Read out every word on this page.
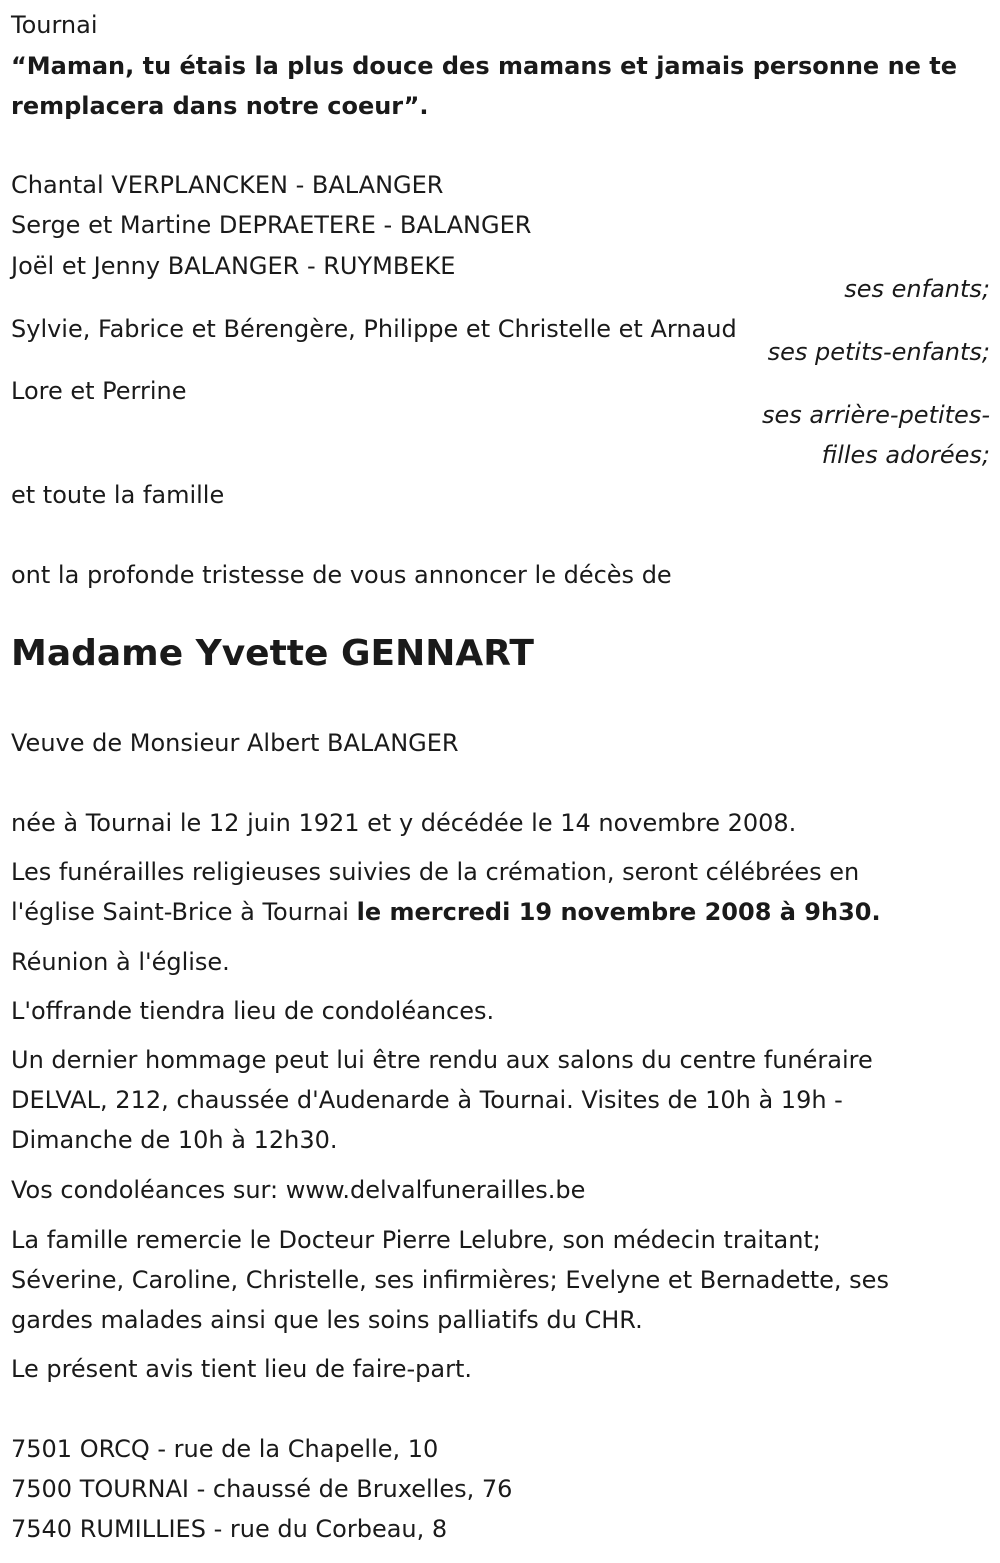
Tournai
“Maman, tu étais la plus douce des mamans et jamais personne ne te
remplacera dans notre coeur”.
Chantal VERPLANCKEN - BALANGER
Serge et Martine DEPRAETERE - BALANGER
Joël et Jenny BALANGER - RUYMBEKE
ses enfants;
Sylvie, Fabrice et Bérengère, Philippe et Christelle et Arnaud
ses petits-enfants;
Lore et Perrine
ses arrière-petites-
filles adorées;
et toute la famille
ont la profonde tristesse de vous annoncer le décès de
Madame Yvette GENNART
Veuve de Monsieur Albert BALANGER
née à Tournai le 12 juin 1921 et y décédée le 14 novembre 2008.
Les funérailles religieuses suivies de la crémation, seront célébrées en
l'église Saint-Brice à Tournai le mercredi 19 novembre 2008 à 9h30.
Réunion à l'église.
L'offrande tiendra lieu de condoléances.
Un dernier hommage peut lui être rendu aux salons du centre funéraire
DELVAL, 212, chaussée d'Audenarde à Tournai. Visites de 10h à 19h -
Dimanche de 10h à 12h30.
Vos condoléances sur: www.delvalfunerailles.be
La famille remercie le Docteur Pierre Lelubre, son médecin traitant;
Séverine, Caroline, Christelle, ses infirmières; Evelyne et Bernadette, ses
gardes malades ainsi que les soins palliatifs du CHR.
Le présent avis tient lieu de faire-part.
7501 ORCQ - rue de la Chapelle, 10
7500 TOURNAI - chaussé de Bruxelles, 76
7540 RUMILLIES - rue du Corbeau, 8
